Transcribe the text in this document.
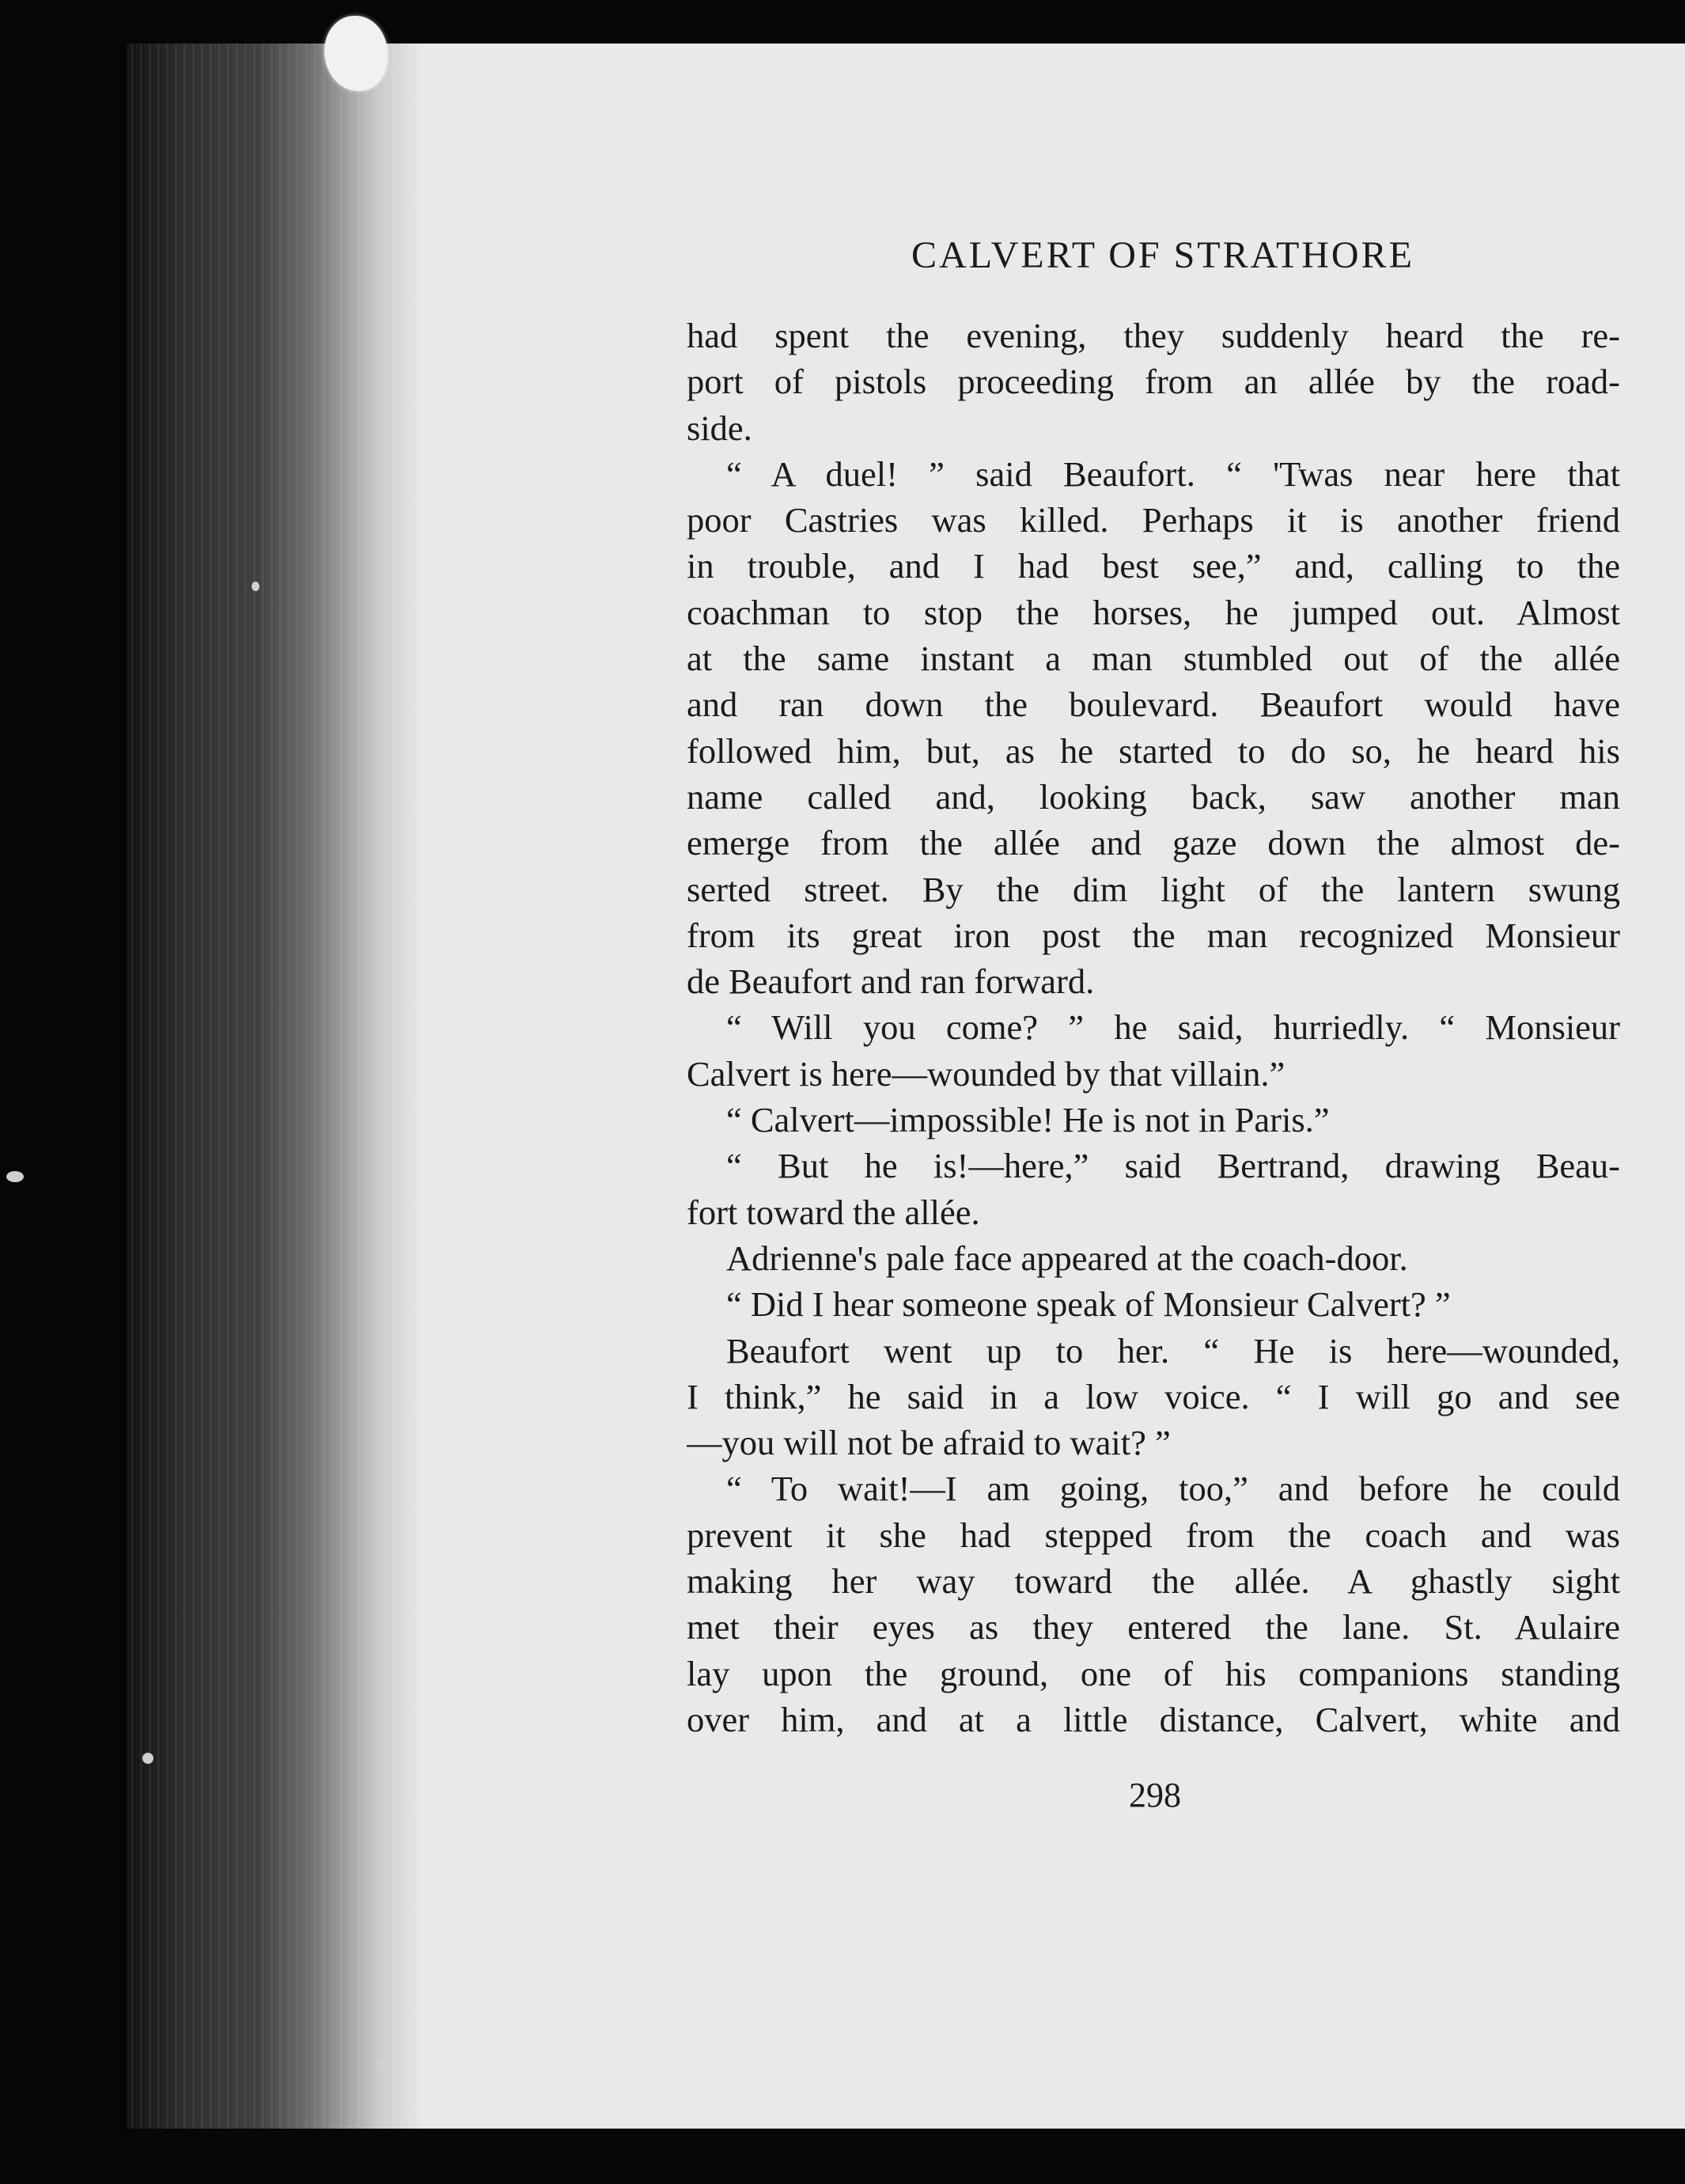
CALVERT OF STRATHORE
had spent the evening, they suddenly heard the re-
port of pistols proceeding from an allée by the road-
side.
“ A duel! ” said Beaufort. “ 'Twas near here that
poor Castries was killed. Perhaps it is another friend
in trouble, and I had best see,” and, calling to the
coachman to stop the horses, he jumped out. Almost
at the same instant a man stumbled out of the allée
and ran down the boulevard. Beaufort would have
followed him, but, as he started to do so, he heard his
name called and, looking back, saw another man
emerge from the allée and gaze down the almost de-
serted street. By the dim light of the lantern swung
from its great iron post the man recognized Monsieur
de Beaufort and ran forward.
“ Will you come? ” he said, hurriedly. “ Monsieur
Calvert is here—wounded by that villain.”
“ Calvert—impossible! He is not in Paris.”
“ But he is!—here,” said Bertrand, drawing Beau-
fort toward the allée.
Adrienne's pale face appeared at the coach-door.
“ Did I hear someone speak of Monsieur Calvert? ”
Beaufort went up to her. “ He is here—wounded,
I think,” he said in a low voice. “ I will go and see
—you will not be afraid to wait? ”
“ To wait!—I am going, too,” and before he could
prevent it she had stepped from the coach and was
making her way toward the allée. A ghastly sight
met their eyes as they entered the lane. St. Aulaire
lay upon the ground, one of his companions standing
over him, and at a little distance, Calvert, white and
298
